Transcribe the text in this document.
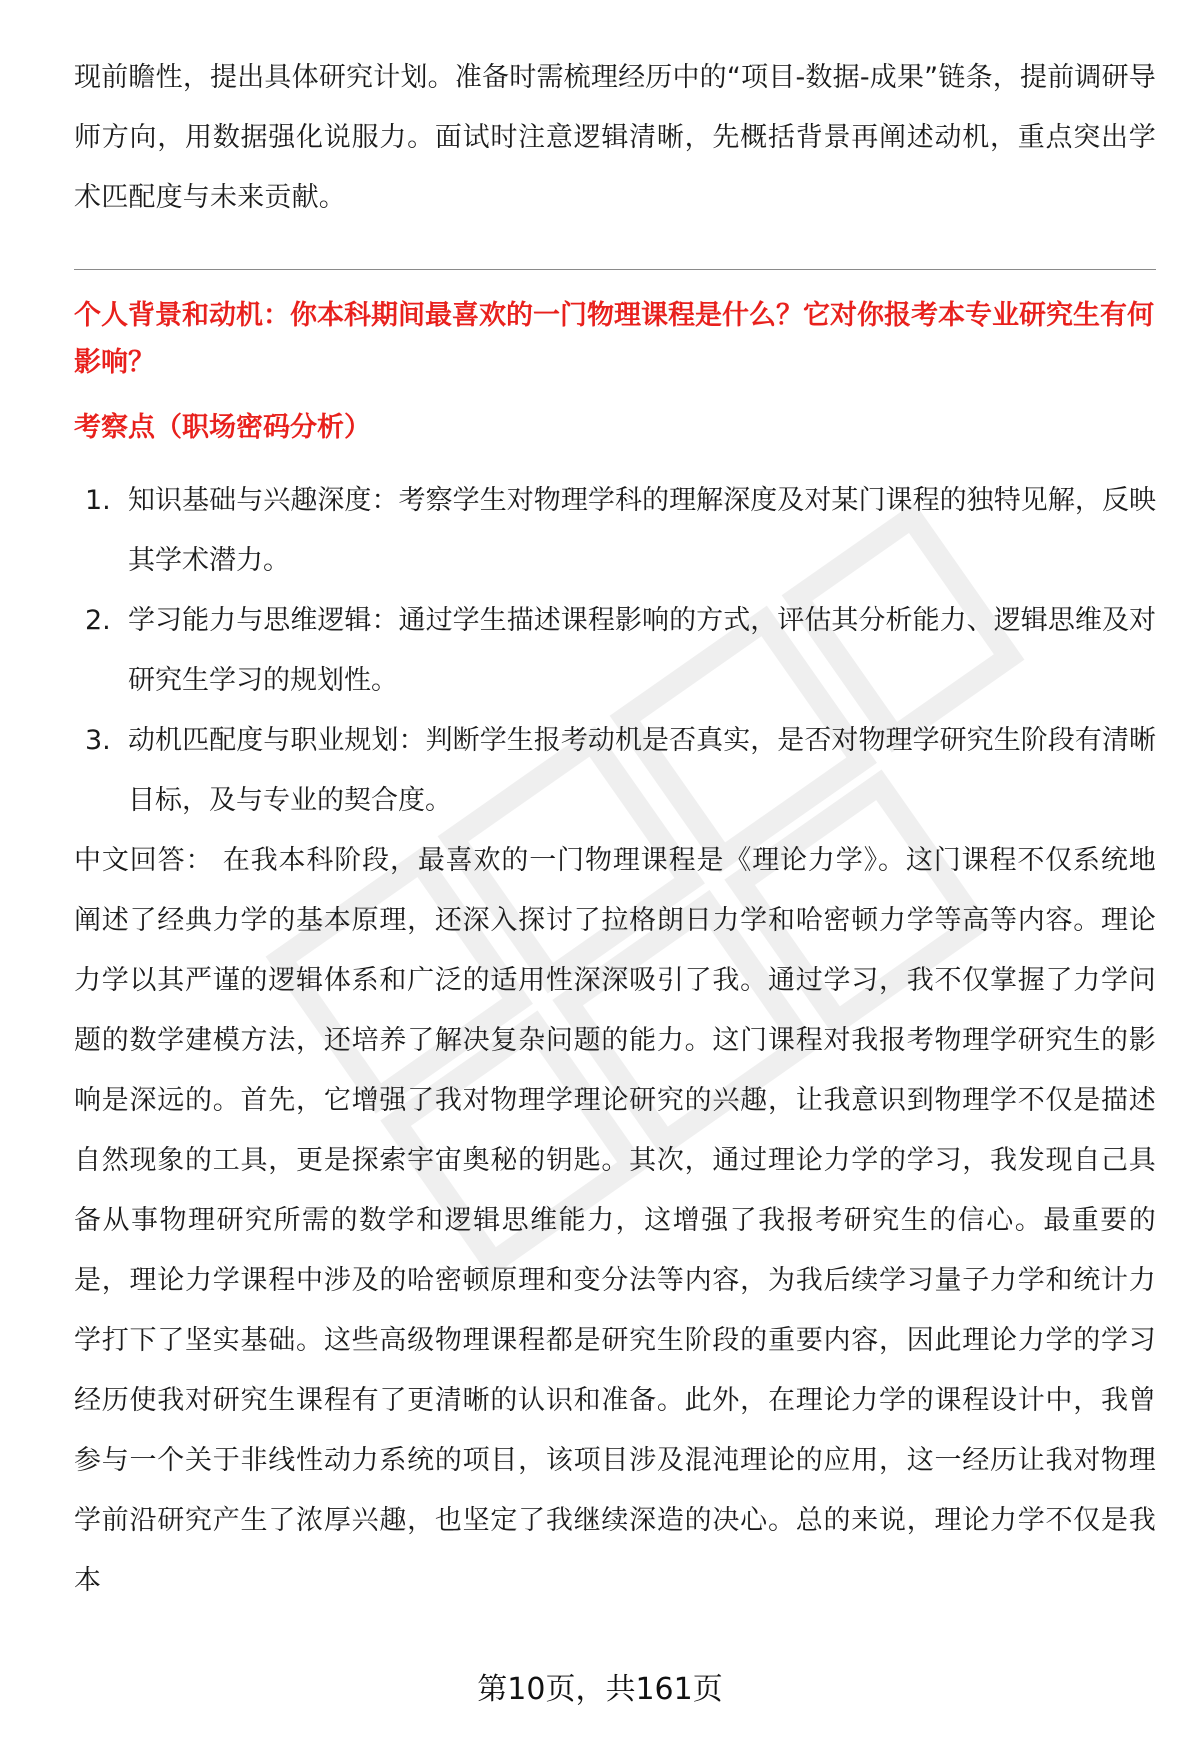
现前瞻性，提出具体研究计划。准备时需梳理经历中的“项目-数据-成果”链条，提前调研导师方向，用数据强化说服力。面试时注意逻辑清晰，先概括背景再阐述动机，重点突出学术匹配度与未来贡献。

个人背景和动机：你本科期间最喜欢的一门物理课程是什么？它对你报考本专业研究生有何影响？
考察点（职场密码分析）
1. 知识基础与兴趣深度：考察学生对物理学科的理解深度及对某门课程的独特见解，反映其学术潜力。
2. 学习能力与思维逻辑：通过学生描述课程影响的方式，评估其分析能力、逻辑思维及对研究生学习的规划性。
3. 动机匹配度与职业规划：判断学生报考动机是否真实，是否对物理学研究生阶段有清晰目标，及与专业的契合度。

中文回答： 在我本科阶段，最喜欢的一门物理课程是《理论力学》。这门课程不仅系统地阐述了经典力学的基本原理，还深入探讨了拉格朗日力学和哈密顿力学等高等内容。理论力学以其严谨的逻辑体系和广泛的适用性深深吸引了我。通过学习，我不仅掌握了力学问题的数学建模方法，还培养了解决复杂问题的能力。这门课程对我报考物理学研究生的影响是深远的。首先，它增强了我对物理学理论研究的兴趣，让我意识到物理学不仅是描述自然现象的工具，更是探索宇宙奥秘的钥匙。其次，通过理论力学的学习，我发现自己具备从事物理研究所需的数学和逻辑思维能力，这增强了我报考研究生的信心。最重要的是，理论力学课程中涉及的哈密顿原理和变分法等内容，为我后续学习量子力学和统计力学打下了坚实基础。这些高级物理课程都是研究生阶段的重要内容，因此理论力学的学习经历使我对研究生课程有了更清晰的认识和准备。此外，在理论力学的课程设计中，我曾参与一个关于非线性动力系统的项目，该项目涉及混沌理论的应用，这一经历让我对物理学前沿研究产生了浓厚兴趣，也坚定了我继续深造的决心。总的来说，理论力学不仅是我本

第10页，共161页
